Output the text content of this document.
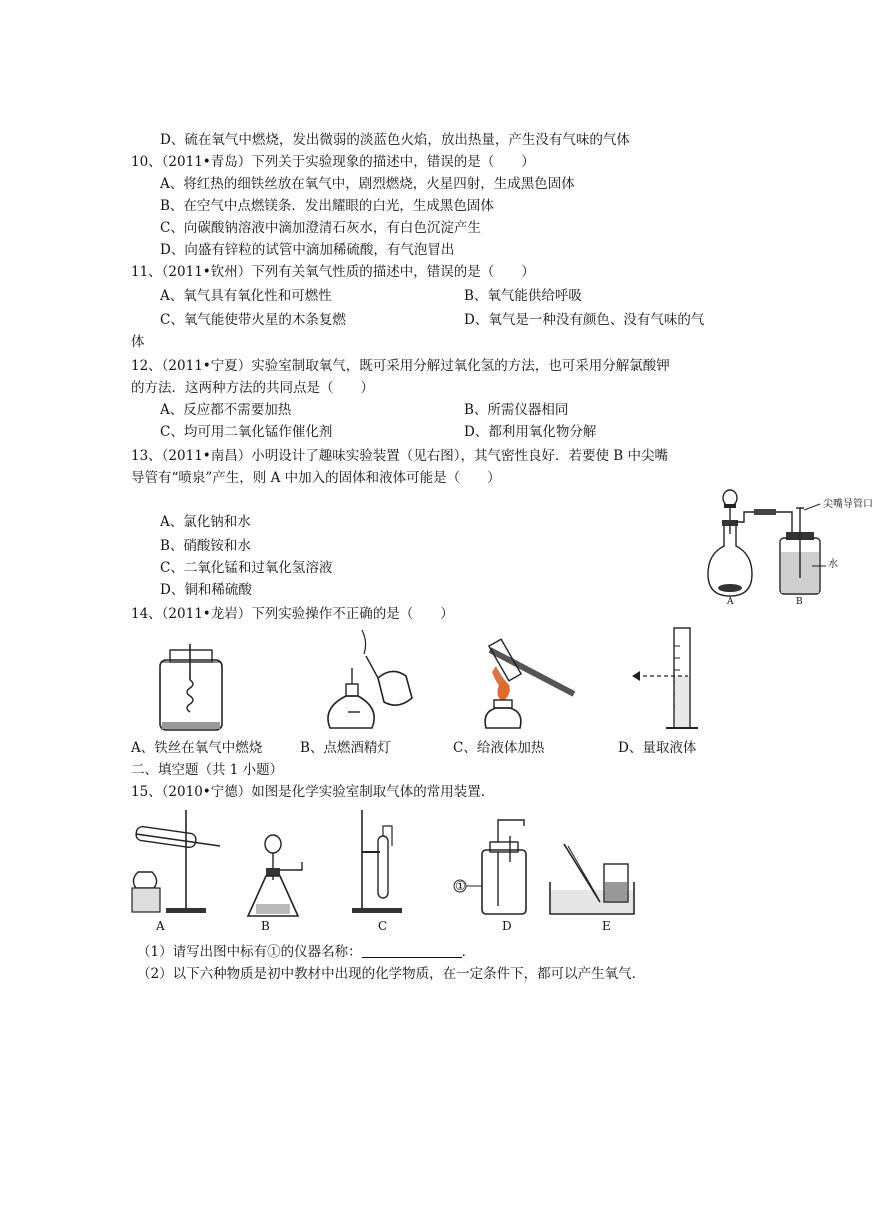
D、硫在氧气中燃烧，发出微弱的淡蓝色火焰，放出热量，产生没有气味的气体
10、（2011•青岛）下列关于实验现象的描述中，错误的是（　　）
A、将红热的细铁丝放在氧气中，剧烈燃烧，火星四射，生成黑色固体
B、在空气中点燃镁条．发出耀眼的白光，生成黑色固体
C、向碳酸钠溶液中滴加澄清石灰水，有白色沉淀产生
D、向盛有锌粒的试管中滴加稀硫酸，有气泡冒出
11、（2011•钦州）下列有关氧气性质的描述中，错误的是（　　）
A、氧气具有氧化性和可燃性	B、氧气能供给呼吸
C、氧气能使带火星的木条复燃	D、氧气是一种没有颜色、没有气味的气
体
12、（2011•宁夏）实验室制取氧气，既可采用分解过氧化氢的方法，也可采用分解氯酸钾
的方法．这两种方法的共同点是（　　）
A、反应都不需要加热	B、所需仪器相同
C、均可用二氧化锰作催化剂	D、都利用氧化物分解
13、（2011•南昌）小明设计了趣味实验装置（见右图），其气密性良好．若要使 B 中尖嘴
导管有“喷泉”产生，则 A 中加入的固体和液体可能是（　　）
A、氯化钠和水
B、硝酸铵和水
C、二氧化锰和过氧化氢溶液
D、铜和稀硫酸
尖嘴导管口
水
A	B
14、（2011•龙岩）下列实验操作不正确的是（　　）
A、铁丝在氧气中燃烧	B、点燃酒精灯	C、给液体加热	D、量取液体
二、填空题（共 1 小题）
15、（2010•宁德）如图是化学实验室制取气体的常用装置．
A	B	C	D	E
①
（1）请写出图中标有①的仪器名称：	．
（2）以下六种物质是初中教材中出现的化学物质，在一定条件下，都可以产生氧气．
